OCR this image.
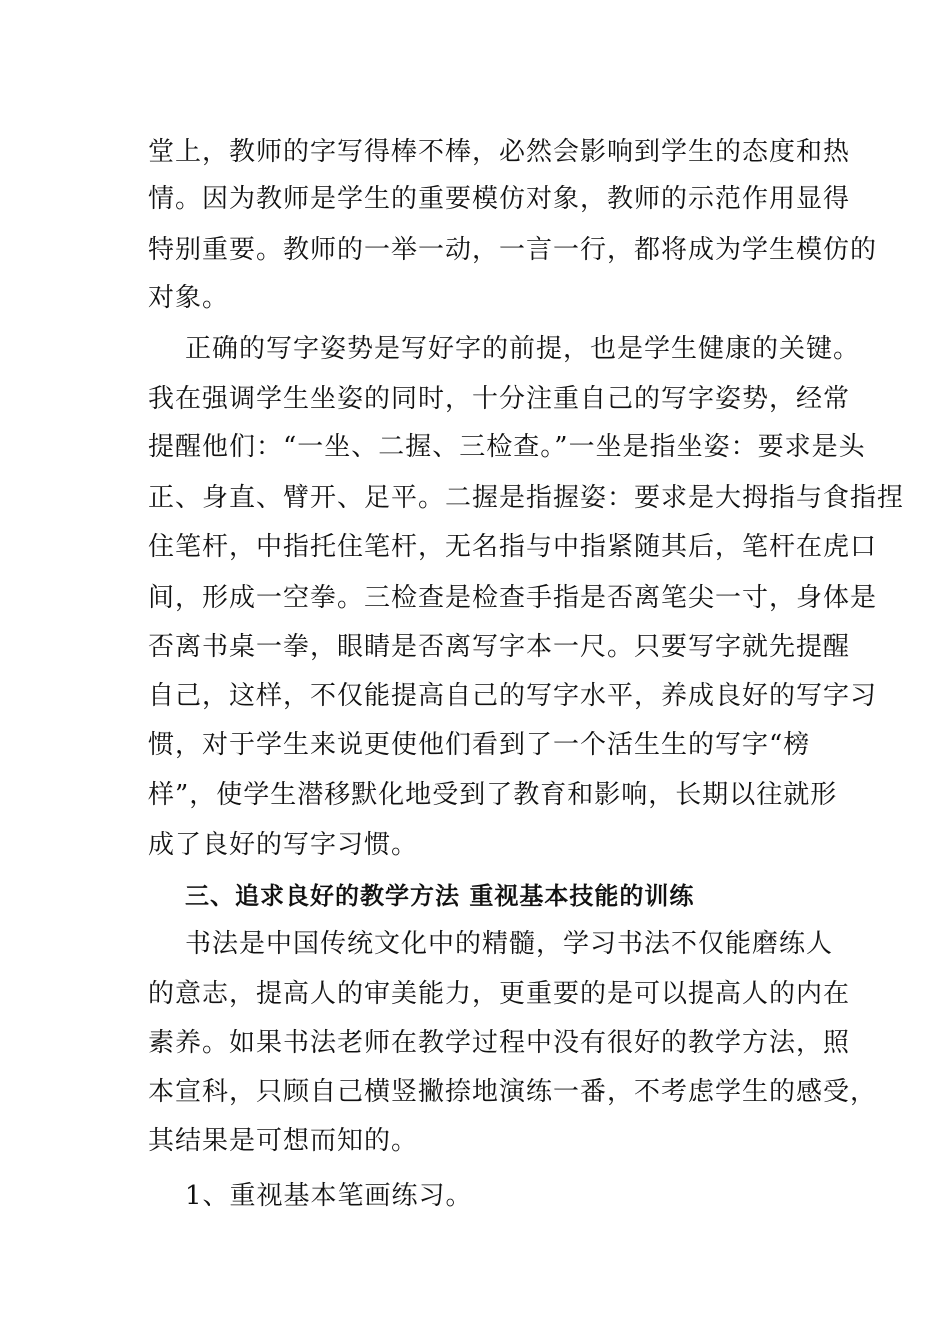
堂上，教师的字写得棒不棒，必然会影响到学生的态度和热
情。因为教师是学生的重要模仿对象，教师的示范作用显得
特别重要。教师的一举一动，一言一行，都将成为学生模仿的
对象。
正确的写字姿势是写好字的前提，也是学生健康的关键。
我在强调学生坐姿的同时，十分注重自己的写字姿势，经常
提醒他们：“一坐、二握、三检查。”一坐是指坐姿：要求是头
正、身直、臂开、足平。二握是指握姿：要求是大拇指与食指捏
住笔杆，中指托住笔杆，无名指与中指紧随其后，笔杆在虎口
间，形成一空拳。三检查是检查手指是否离笔尖一寸，身体是
否离书桌一拳，眼睛是否离写字本一尺。只要写字就先提醒
自己，这样，不仅能提高自己的写字水平，养成良好的写字习
惯，对于学生来说更使他们看到了一个活生生的写字“榜
样”，使学生潜移默化地受到了教育和影响，长期以往就形
成了良好的写字习惯。
三、追求良好的教学方法 重视基本技能的训练
书法是中国传统文化中的精髓，学习书法不仅能磨练人
的意志，提高人的审美能力，更重要的是可以提高人的内在
素养。如果书法老师在教学过程中没有很好的教学方法，照
本宣科，只顾自己横竖撇捺地演练一番，不考虑学生的感受，
其结果是可想而知的。
1、重视基本笔画练习。
